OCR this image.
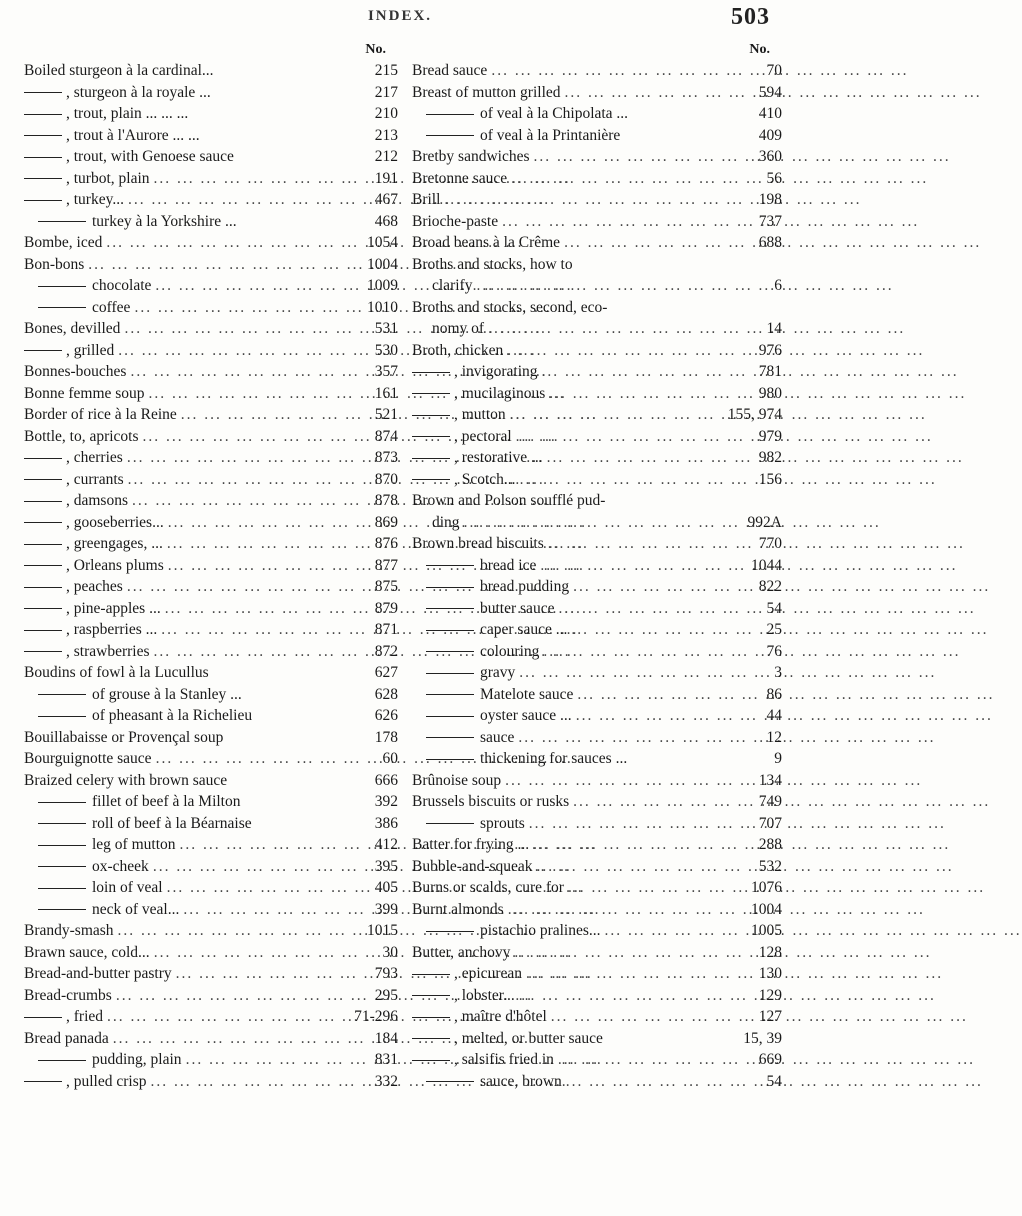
INDEX.	503
No.
Boiled sturgeon à la cardinal...	215
, sturgeon à la royale ...	217
, trout, plain ... ... ...	210
, trout à l'Aurore ... ...	213
, trout, with Genoese sauce	212
, turbot, plain ... .	191
, turkey... ... .	467
turkey à la Yorkshire ...	468
Bombe, iced ... .	1054
Bon-bons ... .	1004
chocolate ... .	1009
coffee ... .	1010
Bones, devilled ... .	531
, grilled ... .	530
Bonnes-bouches ... .	357
Bonne femme soup ... .	161
Border of rice à la Reine ... .	521
Bottle, to, apricots ... .	874
, cherries ... .	873
, currants ... .	870
, damsons ... .	878
, gooseberries... ... .	869
, greengages, ... ... .	876
, Orleans plums ... .	877
, peaches ... .	875
, pine-apples ... ... .	879
, raspberries ... ... .	871
, strawberries ... .	872
Boudins of fowl à la Lucullus	627
of grouse à la Stanley ...	628
of pheasant à la Richelieu	626
Bouillabaisse or Provençal soup	178
Bourguignotte sauce ... .	60
Braized celery with brown sauce	666
fillet of beef à la Milton	392
roll of beef à la Béarnaise	386
leg of mutton ... .	412
ox-cheek ... .	395
loin of veal ... .	405
neck of veal... ... .	399
Brandy-smash ... .	1015
Brawn sauce, cold... ... .	30
Bread-and-butter pastry ... .	793
Bread-crumbs ... .	295
, fried ... .	71-296
Bread panada ... .	184
pudding, plain ... .	831
, pulled crisp ... .	332
No.
Bread sauce ... .	70
Breast of mutton grilled ... .	594
of veal à la Chipolata ...	410
of veal à la Printanière	409
Bretby sandwiches ... .	360
Bretonne sauce ... .	56
Brill ... .	198
Brioche-paste ... .	737
Broad beans à la Crême ... .	688
Broths and stocks, how to
clarify ... .	6
Broths and stocks, second, eco-
nomy of ... .	14
Broth, chicken ... .	976
, invigorating ... .	781
, mucilaginous ... .	980
, mutton ... .	155, 974
, pectoral ... .	979
, restorative ... ... .	982
, Scotch... ... .	156
Brown and Polson soufflé pud-
ding ... .	992A
Brown bread biscuits ... .	770
bread ice ... .	1044
bread pudding ... .	822
butter sauce ... .	54
caper sauce ... ... .	25
colouring ... .	76
gravy ... .	3
Matelote sauce ... .	86
oyster sauce ... ... .	44
sauce ... .	12
thickening for sauces ...	9
Brûnoise soup ... .	134
Brussels biscuits or rusks ... .	749
sprouts ... .	707
Batter for frying ... ... .	288
Bubble-and-squeak ... .	532
Burns or scalds, cure for ... .	1076
Burnt almonds ... .	1004
pistachio pralines... ... .	1005
Butter, anchovy ... .	128
, epicurean ... .	130
, lobster... ... .	129
, maître d'hôtel ... .	127
, melted, or butter sauce	15, 39
, salsifis fried in ... .	669
sauce, brown ... .	54
